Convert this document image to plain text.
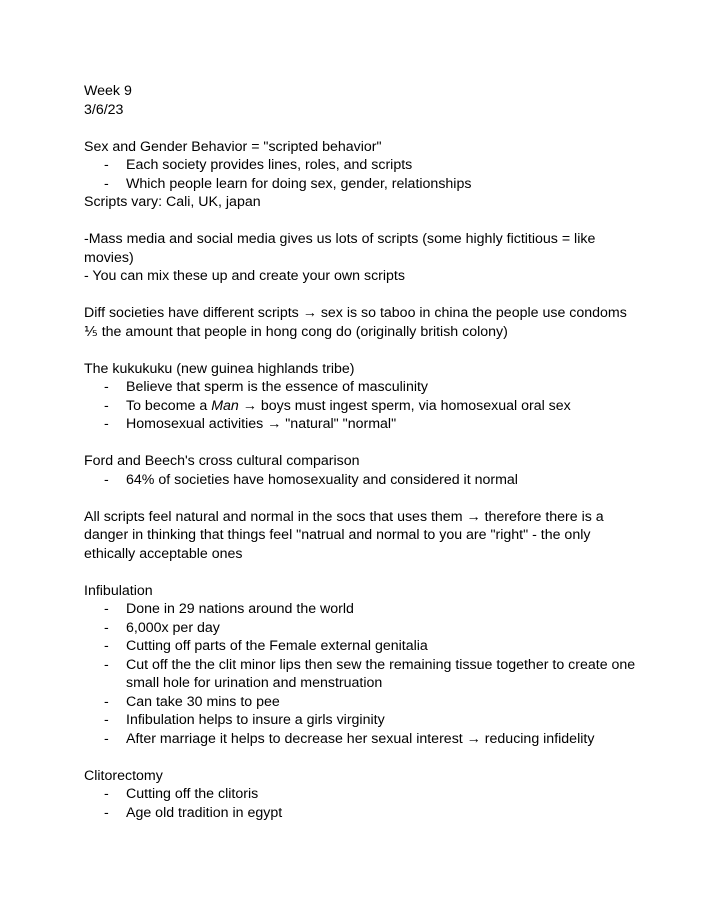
Week 9
3/6/23
Sex and Gender Behavior = "scripted behavior"
- Each society provides lines, roles, and scripts
- Which people learn for doing sex, gender, relationships
Scripts vary: Cali, UK, japan
-Mass media and social media gives us lots of scripts (some highly fictitious = like movies)
- You can mix these up and create your own scripts
Diff societies have different scripts → sex is so taboo in china the people use condoms ⅕ the amount that people in hong cong do (originally british colony)
The kukukuku (new guinea highlands tribe)
- Believe that sperm is the essence of masculinity
- To become a Man → boys must ingest sperm, via homosexual oral sex
- Homosexual activities → "natural" "normal"
Ford and Beech's cross cultural comparison
- 64% of societies have homosexuality and considered it normal
All scripts feel natural and normal in the socs that uses them → therefore there is a danger in thinking that things feel "natrual and normal to you are "right" - the only ethically acceptable ones
Infibulation
- Done in 29 nations around the world
- 6,000x per day
- Cutting off parts of the Female external genitalia
- Cut off the the clit minor lips then sew the remaining tissue together to create one small hole for urination and menstruation
- Can take 30 mins to pee
- Infibulation helps to insure a girls virginity
- After marriage it helps to decrease her sexual interest → reducing infidelity
Clitorectomy
- Cutting off the clitoris
- Age old tradition in egypt
